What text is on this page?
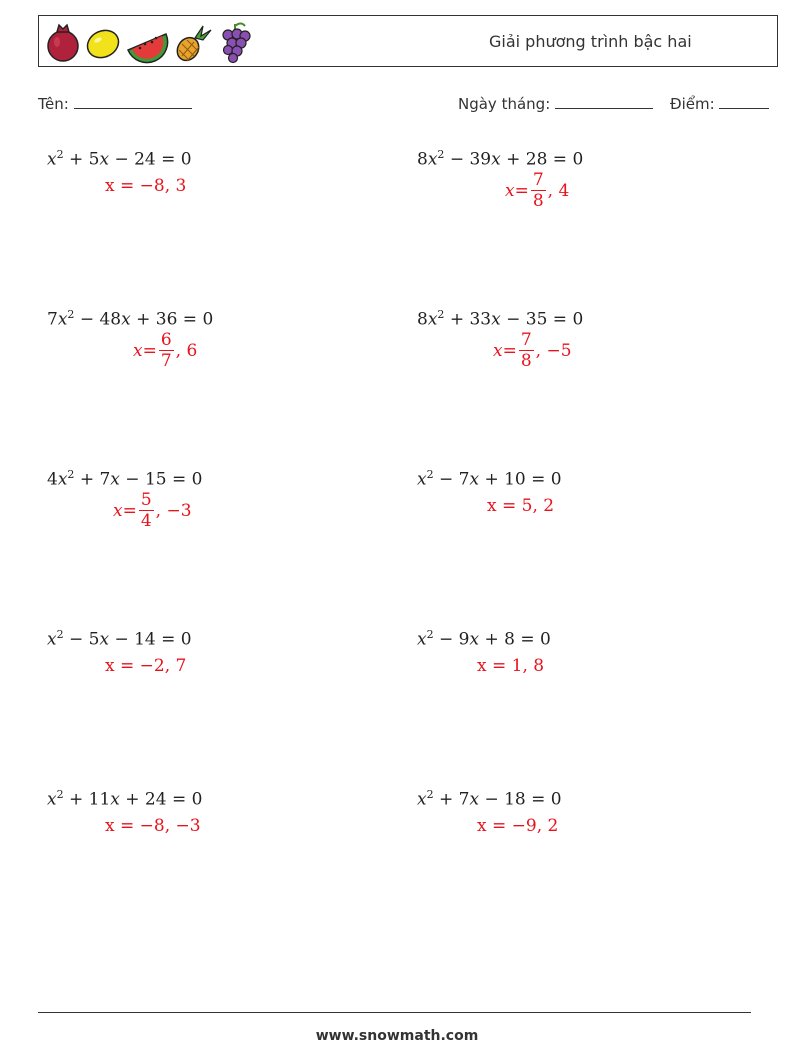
Giải phương trình bậc hai
Tên:	Ngày tháng:	Điểm:
$x^2 + 5x - 24 = 0$
x = −8, 3
$8x^2 - 39x + 28 = 0$
$x = \frac{7}{8}$ , 4
$7x^2 - 48x + 36 = 0$
$x = \frac{6}{7}$ , 6
$8x^2 + 33x - 35 = 0$
$x = \frac{7}{8}$ , −5
$4x^2 + 7x - 15 = 0$
$x = \frac{5}{4}$ , −3
$x^2 - 7x + 10 = 0$
x = 5, 2
$x^2 - 5x - 14 = 0$
x = −2, 7
$x^2 - 9x + 8 = 0$
x = 1, 8
$x^2 + 11x + 24 = 0$
x = −8, −3
$x^2 + 7x - 18 = 0$
x = −9, 2
www.snowmath.com
